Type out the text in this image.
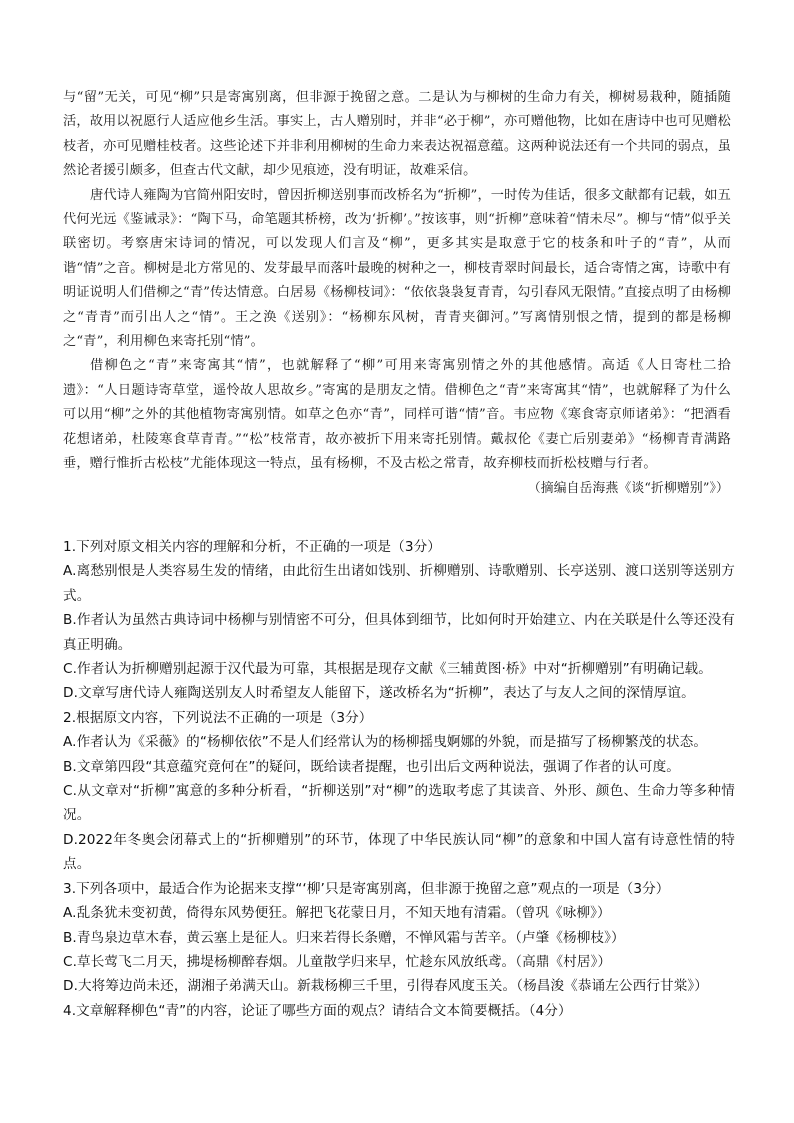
与“留”无关，可见“柳”只是寄寓别离，但非源于挽留之意。二是认为与柳树的生命力有关，柳树易栽种，随插随活，故用以祝愿行人适应他乡生活。事实上，古人赠别时，并非“必于柳”，亦可赠他物，比如在唐诗中也可见赠松枝者，亦可见赠桂枝者。这些论述下并非利用柳树的生命力来表达祝福意蕴。这两种说法还有一个共同的弱点，虽然论者援引颇多，但查古代文献，却少见痕迹，没有明证，故难采信。

唐代诗人雍陶为官简州阳安时，曾因折柳送别事而改桥名为“折柳”，一时传为佳话，很多文献都有记载，如五代何光远《鉴诫录》：“陶下马，命笔题其桥榜，改为‘折柳’。”按该事，则“折柳”意味着“情未尽”。柳与“情”似乎关联密切。考察唐宋诗词的情况，可以发现人们言及“柳”，更多其实是取意于它的枝条和叶子的“青”，从而谐“情”之音。柳树是北方常见的、发芽最早而落叶最晚的树种之一，柳枝青翠时间最长，适合寄情之寓，诗歌中有明证说明人们借柳之“青”传达情意。白居易《杨柳枝词》：“依依袅袅复青青，勾引春风无限情。”直接点明了由杨柳之“青青”而引出人之“情”。王之涣《送别》：“杨柳东风树，青青夹御河。”写离情别恨之情，提到的都是杨柳之“青”，利用柳色来寄托别“情”。

借柳色之“青”来寄寓其“情”，也就解释了“柳”可用来寄寓别情之外的其他感情。高适《人日寄杜二拾遗》：“人日题诗寄草堂，遥怜故人思故乡。”寄寓的是朋友之情。借柳色之“青”来寄寓其“情”，也就解释了为什么可以用“柳”之外的其他植物寄寓别情。如草之色亦“青”，同样可谐“情”音。韦应物《寒食寄京师诸弟》：“把酒看花想诸弟，杜陵寒食草青青。”“松”枝常青，故亦被折下用来寄托别情。戴叔伦《妻亡后别妻弟》“杨柳青青满路垂，赠行惟折古松枝”尤能体现这一特点，虽有杨柳，不及古松之常青，故弃柳枝而折松枝赠与行者。

（摘编自岳海燕《谈“折柳赠别”》）

1.下列对原文相关内容的理解和分析，不正确的一项是（3分）

A.离愁别恨是人类容易生发的情绪，由此衍生出诸如饯别、折柳赠别、诗歌赠别、长亭送别、渡口送别等送别方式。

B.作者认为虽然古典诗词中杨柳与别情密不可分，但具体到细节，比如何时开始建立、内在关联是什么等还没有真正明确。

C.作者认为折柳赠别起源于汉代最为可靠，其根据是现存文献《三辅黄图·桥》中对“折柳赠别”有明确记载。

D.文章写唐代诗人雍陶送别友人时希望友人能留下，遂改桥名为“折柳”，表达了与友人之间的深情厚谊。

2.根据原文内容，下列说法不正确的一项是（3分）

A.作者认为《采薇》的“杨柳依依”不是人们经常认为的杨柳摇曳婀娜的外貌，而是描写了杨柳繁茂的状态。

B.文章第四段“其意蕴究竟何在”的疑问，既给读者提醒，也引出后文两种说法，强调了作者的认可度。

C.从文章对“折柳”寓意的多种分析看，“折柳送别”对“柳”的选取考虑了其读音、外形、颜色、生命力等多种情况。

D.2022年冬奥会闭幕式上的“折柳赠别”的环节，体现了中华民族认同“柳”的意象和中国人富有诗意性情的特点。

3.下列各项中，最适合作为论据来支撑“‘柳’只是寄寓别离，但非源于挽留之意”观点的一项是（3分）

A.乱条犹未变初黄，倚得东风势便狂。解把飞花蒙日月，不知天地有清霜。（曾巩《咏柳》）

B.青鸟泉边草木春，黄云塞上是征人。归来若得长条赠，不惮风霜与苦辛。（卢肇《杨柳枝》）

C.草长莺飞二月天，拂堤杨柳醉春烟。儿童散学归来早，忙趁东风放纸鸢。（高鼎《村居》）

D.大将筹边尚未还，湖湘子弟满天山。新栽杨柳三千里，引得春风度玉关。（杨昌浚《恭诵左公西行甘棠》）

4.文章解释柳色“青”的内容，论证了哪些方面的观点？请结合文本简要概括。（4分）
